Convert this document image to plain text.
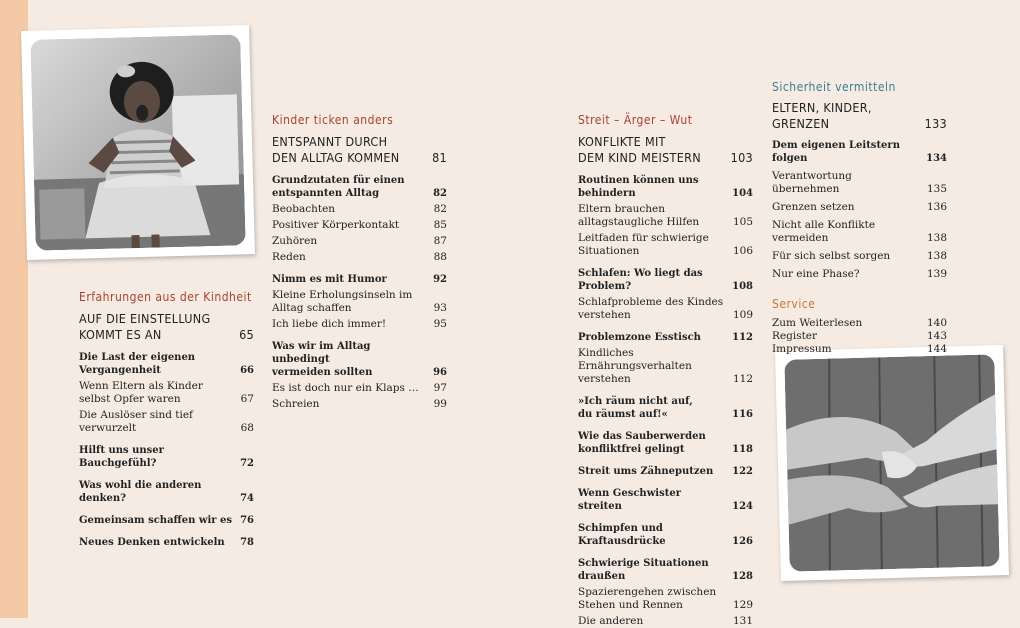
Erfahrungen aus der Kindheit
AUF DIE EINSTELLUNG
KOMMT ES AN	65
Die Last der eigenen
Vergangenheit	66
Wenn Eltern als Kinder
selbst Opfer waren	67
Die Auslöser sind tief verwurzelt	68
Hilft uns unser Bauchgefühl?	72
Was wohl die anderen denken?	74
Gemeinsam schaffen wir es 76
Neues Denken entwickeln 78
Kinder ticken anders
ENTSPANNT DURCH
DEN ALLTAG KOMMEN	81
Grundzutaten für einen
entspannten Alltag	82
Beobachten	82
Positiver Körperkontakt	85
Zuhören	87
Reden	88
Nimm es mit Humor	92
Kleine Erholungsinseln im
Alltag schaffen	93
Ich liebe dich immer!	95
Was wir im Alltag unbedingt
vermeiden sollten	96
Es ist doch nur ein Klaps … 97
Schreien	99
Streit – Ärger – Wut
KONFLIKTE MIT
DEM KIND MEISTERN 103
Routinen können uns
behindern	104
Eltern brauchen
alltagstaugliche Hilfen	105
Leitfaden für schwierige
Situationen	106
Schlafen: Wo liegt das Problem?	108
Schlafprobleme des Kindes
verstehen	109
Problemzone Esstisch	112
Kindliches Ernährungsverhalten
verstehen	112
»Ich räum nicht auf,
du räumst auf!«	116
Wie das Sauberwerden
konfliktfrei gelingt	118
Streit ums Zähneputzen 122
Wenn Geschwister streiten	124
Schimpfen und Kraftausdrücke	126
Schwierige Situationen draußen	128
Spazierengehen zwischen
Stehen und Rennen	129
Die anderen	131
Sicherheit vermitteln
ELTERN, KINDER, GRENZEN	133
Dem eigenen Leitstern folgen	134
Verantwortung übernehmen	135
Grenzen setzen	136
Nicht alle Konflikte vermeiden	138
Für sich selbst sorgen	138
Nur eine Phase?	139
Service
Zum Weiterlesen	140
Register	143
Impressum	144
